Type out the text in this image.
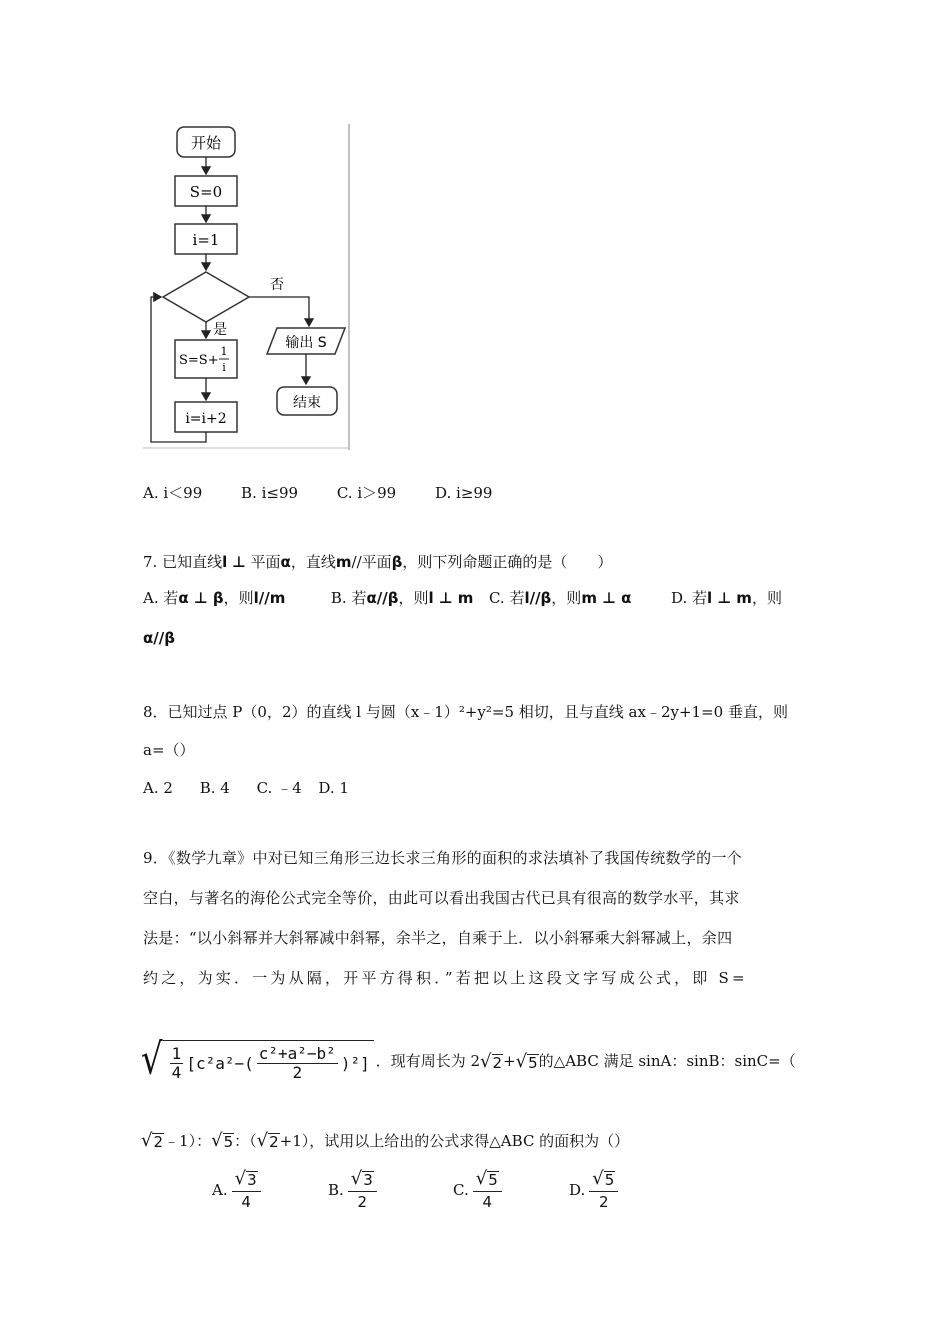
开始
S=0
i=1
否
输出 S
结束
是
S=S+
1
i
i=i+2
A. i＜99	B. i≤99	C. i＞99	D. i≥99
7. 已知直线l ⊥ 平面α，直线m//平面β，则下列命题正确的是（　　）
A. 若α ⊥ β，则l//m	B. 若α//β，则l ⊥ m C. 若l//β，则m ⊥ α	D. 若l ⊥ m，则
α//β
8．已知过点 P（0，2）的直线 l 与圆（x﹣1）²+y²=5 相切，且与直线 ax﹣2y+1=0 垂直，则
a=（）
A. 2 B. 4 C. ﹣4 D. 1
9．《数学九章》中对已知三角形三边长求三角形的面积的求法填补了我国传统数学的一个
空白，与著名的海伦公式完全等价，由此可以看出我国古代已具有很高的数学水平，其求
法是：“以小斜幂并大斜幂减中斜幂，余半之，自乘于上．以小斜幂乘大斜幂减上，余四
约之，为实．一为从隔，开平方得积．”若把以上这段文字写成公式，即 S=
√ $\frac{1}{4} [c^2a^2-( \frac{\text{c²+a²−b²}}{2} )^2]$ ．现有周长为 2 √ 2 + √ 5 的△ABC 满足 sinA：sinB：sinC=（
√ 2 ﹣1）： √ 5 ：（ √ 2 +1），试用以上给出的公式求得△ABC 的面积为（）
A. $\frac{√ 3}{4}$	B. $\frac{√ 3}{2}$	C. $\frac{√ 5}{4}$	D. $\frac{√ 5}{2}$
